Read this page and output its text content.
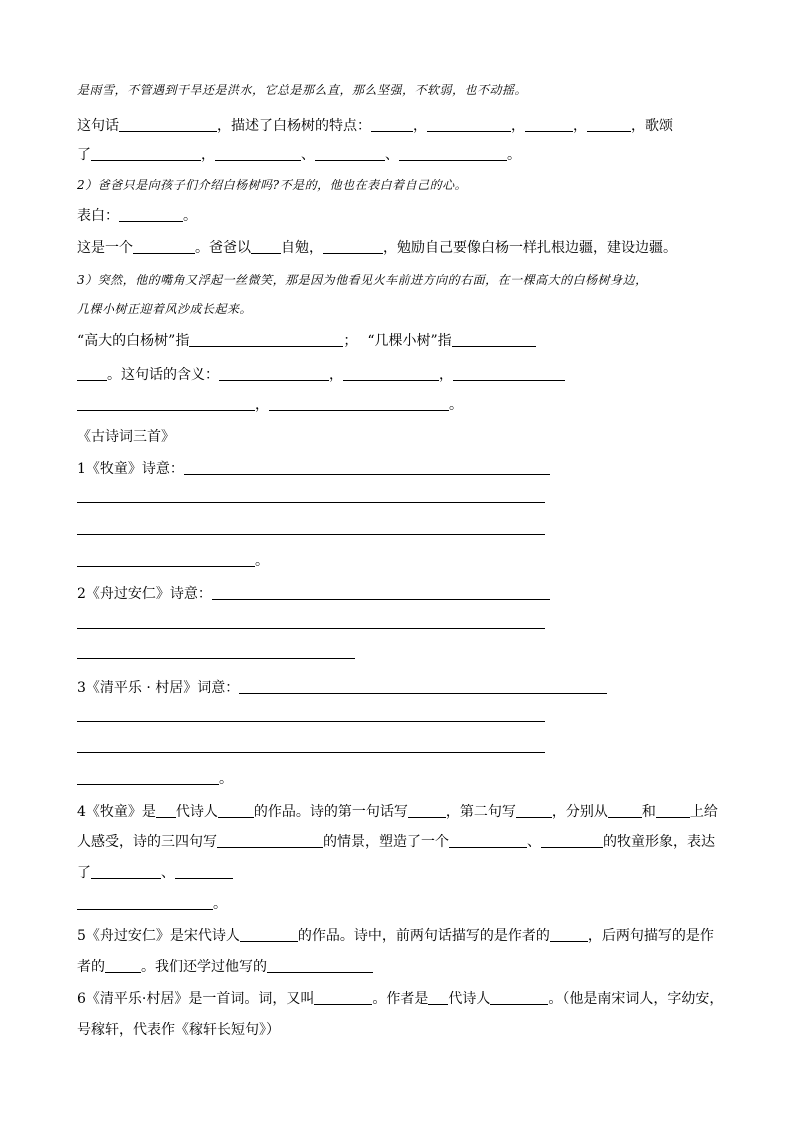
是雨雪，不管遇到干旱还是洪水，它总是那么直，那么坚强，不软弱，也不动摇。
这句话	，描述了白杨树的特点：	，	，	，	，歌颂
了	，	、	、	。
2）爸爸只是向孩子们介绍白杨树吗?不是的，他也在表白着自己的心。
表白：	。
这是一个	。爸爸以 自勉，	，勉励自己要像白杨一样扎根边疆，建设边疆。
3）突然，他的嘴角又浮起一丝微笑，那是因为他看见火车前进方向的右面，在一棵高大的白杨树身边，
几棵小树正迎着风沙成长起来。
“高大的白杨树”指	； “几棵小树”指
。这句话的含义：	，	，
，	。
《古诗词三首》
1《牧童》诗意：
。
2《舟过安仁》诗意：
3《清平乐 · 村居》词意：
。
4《牧童》是 代诗人	的作品。诗的第一句话写	，第二句写	，分别从 和 上给
人感受，诗的三四句写	的情景，塑造了一个	、	的牧童形象，表达
了	、
。
5《舟过安仁》是宋代诗人	的作品。诗中，前两句话描写的是作者的	，后两句描写的是作
者的	。我们还学过他写的
6《清平乐·村居》是一首词。词，又叫	。作者是 代诗人	。（他是南宋词人，字幼安，
号稼轩，代表作《稼轩长短句》）
